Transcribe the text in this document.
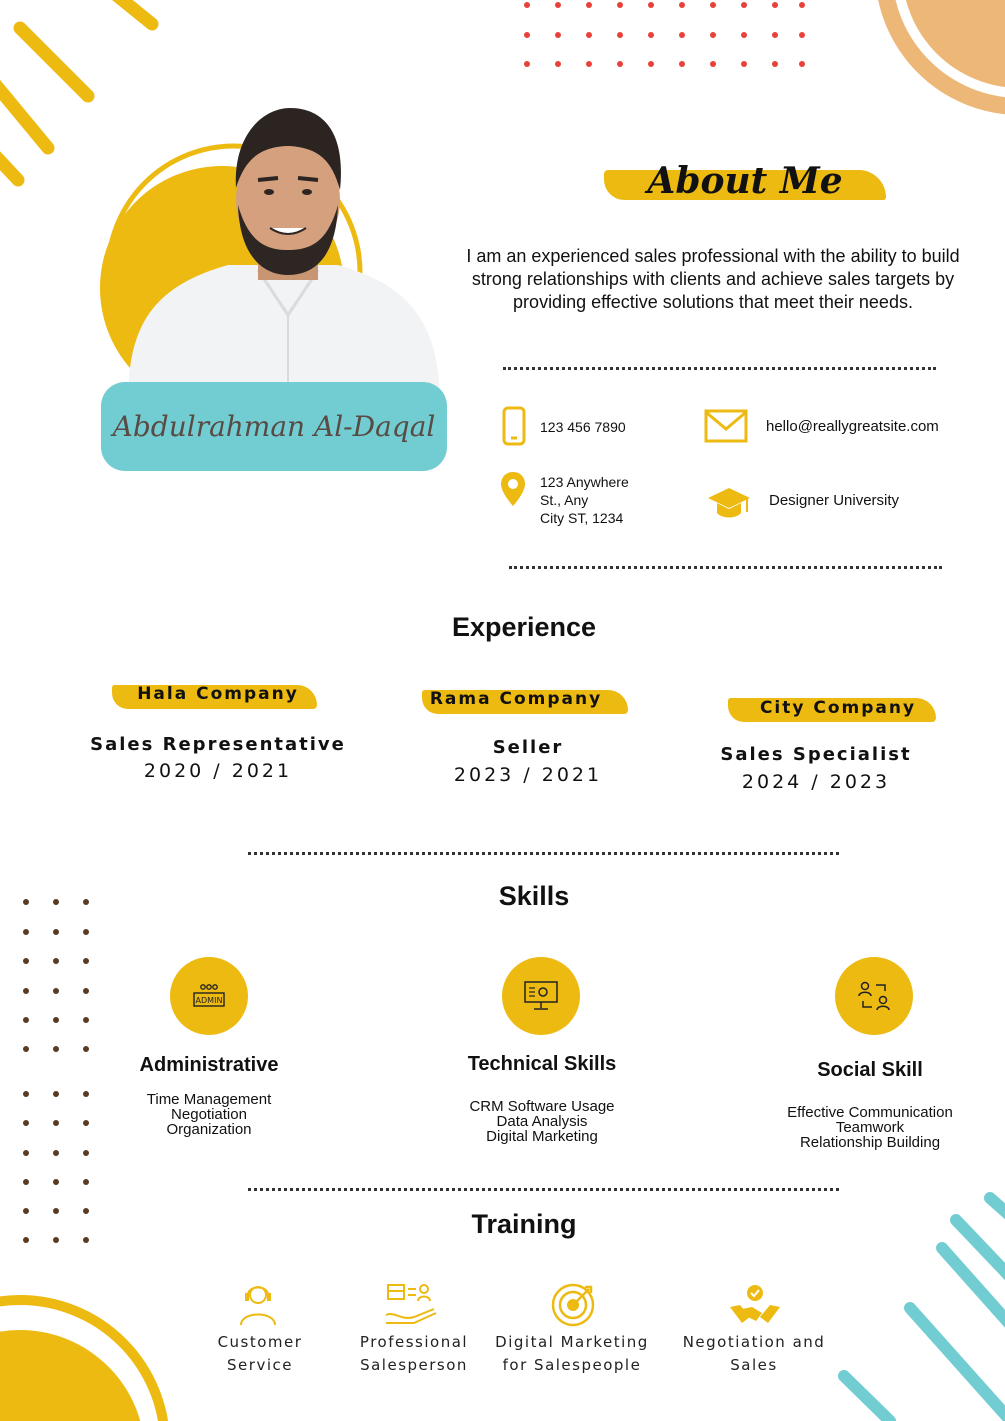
Abdulrahman Al-Daqal
About Me
I am an experienced sales professional with the ability to build strong relationships with clients and achieve sales targets by providing effective solutions that meet their needs.
123 456 7890	hello@reallygreatsite.com
123 Anywhere
St., Any
City ST, 1234
Designer University
Experience
Hala Company
Sales Representative
2020 / 2021
Rama Company
Seller
2023 / 2021
City Company
Sales Specialist
2024 / 2023
Skills
ADMIN
Administrative
Time Management
Negotiation
Organization
Technical Skills
CRM Software Usage
Data Analysis
Digital Marketing
Social Skill
Effective Communication
Teamwork
Relationship Building
Training
Customer
Service
Professional
Salesperson
Digital Marketing
for Salespeople
Negotiation and
Sales
